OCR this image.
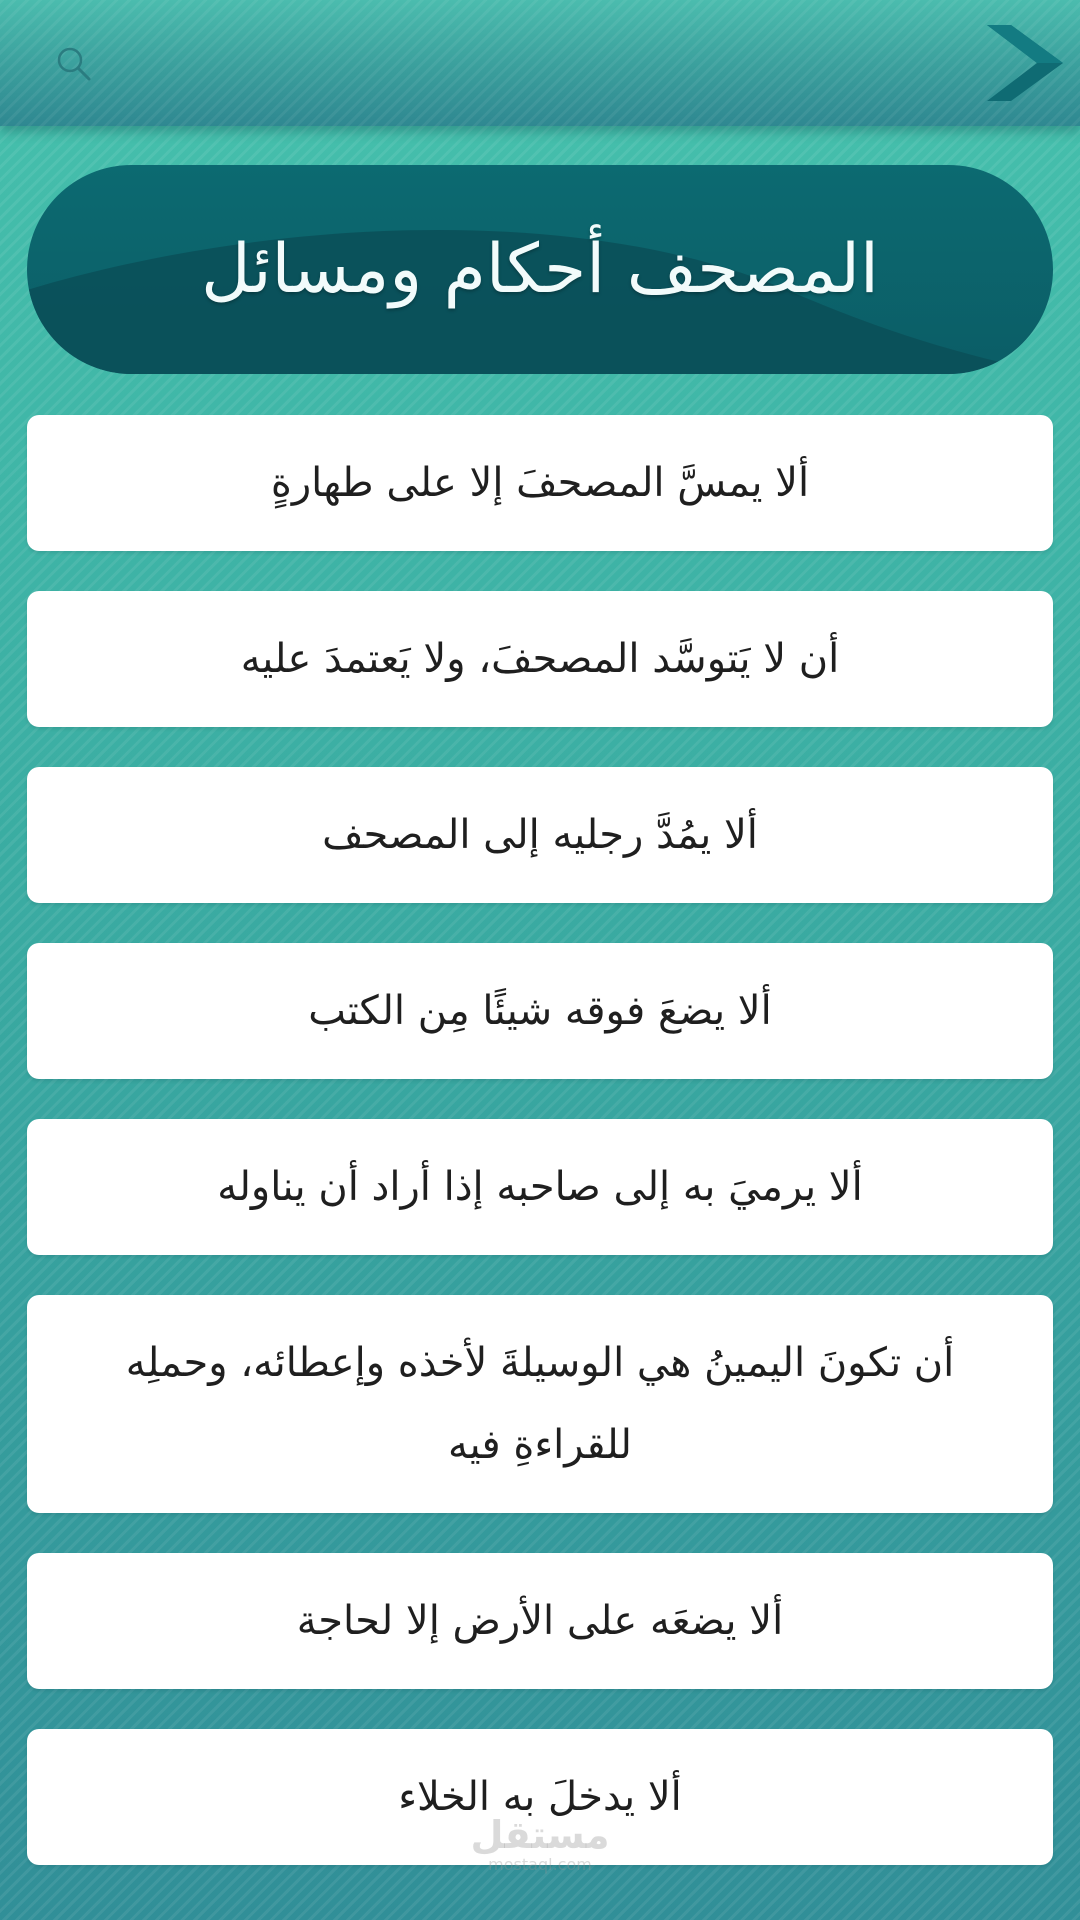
المصحف أحكام ومسائل
ألا يمسَّ المصحفَ إلا على طهارةٍ
أن لا يَتوسَّد المصحفَ، ولا يَعتمدَ عليه
ألا يمُدَّ رجليه إلى المصحف
ألا يضعَ فوقه شيئًا مِن الكتب
ألا يرميَ به إلى صاحبه إذا أراد أن يناوله
أن تكونَ اليمينُ هي الوسيلةَ لأخذه وإعطائه، وحملِه للقراءةِ فيه
ألا يضعَه على الأرض إلا لحاجة
ألا يدخلَ به الخلاء
مستقل
mostaql.com
